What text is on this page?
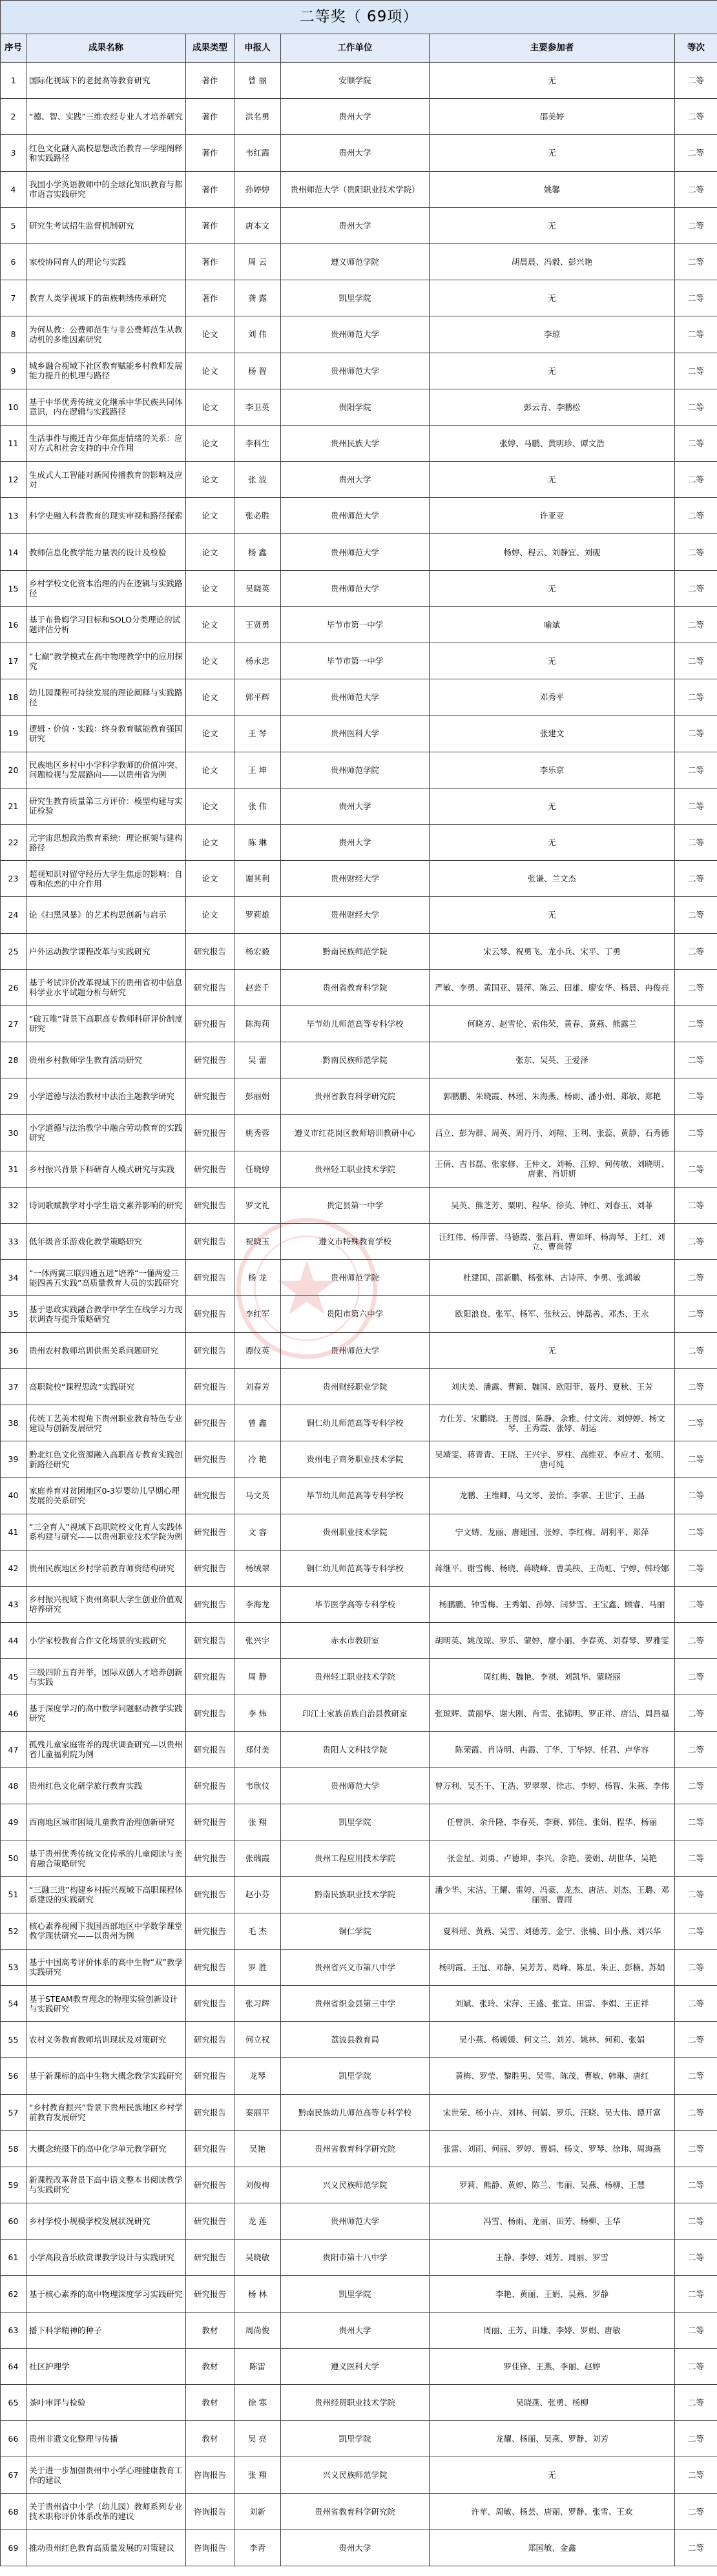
二等奖（ 69项）						
序号	成果名称	成果类型	申报人	工作单位	主要参加者	等次
1	国际化视域下的老挝高等教育研究	著作	曾 丽	安顺学院	无	二等
2	“德、智、实践”三维农经专业人才培养研究	著作	洪名勇	贵州大学	邵美婷	二等
3	红色文化融入高校思想政治教育—学理阐释和实践路径	著作	韦红霞	贵州大学	无	二等
4	我国小学英语教师中的全球化知识教育与都市语言实践研究	著作	孙婷婷	贵州师范大学（贵阳职业技术学院）	姚馨	二等
5	研究生考试招生监督机制研究	著作	唐本文	贵州大学	无	二等
6	家校协同育人的理论与实践	著作	周 云	遵义师范学院	胡晨晨、冯毅、彭兴艳	二等
7	教育人类学视域下的苗族刺绣传承研究	著作	龚 露	凯里学院	无	二等
8	为何从教：公费师范生与非公费师范生从教动机的多维因素研究	论文	刘 伟	贵州师范大学	李琼	二等
9	城乡融合视域下社区教育赋能乡村教师发展能力提升的机理与路径	论文	杨 智	贵州师范大学	无	二等
10	基于中华优秀传统文化继承中华民族共同体意识，内在逻辑与实践路径	论文	李卫英	贵阳学院	彭云青、李鹏松	二等
11	生活事件与搬迁青少年焦虑情绪的关系：应对方式和社会支持的中介作用	论文	李科生	贵州民族大学	张婷、马鹏、黄明珍、谭文浩	二等
12	生成式人工智能对新闻传播教育的影响及应对	论文	张 波	贵州大学	无	二等
13	科学史融入科普教育的现实审视和路径探索	论文	张必胜	贵州师范大学	许亚亚	二等
14	教师信息化教学能力量表的设计及检验	论文	杨 鑫	贵州师范大学	杨婷、程云、刘静宜、刘砚	二等
15	乡村学校文化资本治理的内在逻辑与实践路径	论文	吴晓英	贵州师范大学	无	二等
16	基于布鲁姆学习目标和SOLO分类理论的试题评估分析	论文	王贤勇	毕节市第一中学	喻斌	二等
17	“七巅”教学模式在高中物理教学中的应用探究	论文	杨永忠	毕节市第一中学	无	二等
18	幼儿园课程可持续发展的理论阐释与实践路径	论文	郭平辉	贵州师范大学	邓秀平	二等
19	逻辑・价值・实践：终身教育赋能教育强国研究	论文	王 琴	贵州医科大学	张建文	二等
20	民族地区乡村中小学科学教师的价值冲突、问题检视与发展路向——以贵州省为例	论文	王 坤	贵州师范学院	李乐京	二等
21	研究生教育质量第三方评价：模型构建与实证检验	论文	张 伟	贵州大学	无	二等
22	元宇宙思想政治教育系统：理论框架与建构路径	论文	陈 琳	贵州大学	无	二等
23	超视知识对留守经历大学生焦虑的影响：自尊和依恋的中介作用	论文	谢其利	贵州财经大学	张谦、兰文杰	二等
24	论《扫黑风暴》的艺术构思创新与启示	论文	罗莉雄	贵州财经大学	无	二等
25	户外运动教学课程改革与实践研究	研究报告	杨宏毅	黔南民族师范学院	宋云琴、祝勇飞、龙小兵、宋平、丁勇	二等
26	基于考试评价改革视域下的贵州省初中信息科学业水平试题分析与研究	研究报告	赵芸千	贵州省教育科学院	严敏、李勇、黄国亚、聂萍、陈云、田雄、廖安华、杨晨、冉俊亮	二等
27	“破五唯”背景下高职高专教师科研评价制度研究	研究报告	陈海莉	毕节幼儿师范高等专科学校	何晓芳、赵雪伦、索伟荣、黄春、黄燕、熊露兰	二等
28	贵州乡村教师学生教育活动研究	研究报告	吴 蕾	黔南民族师范学院	张东、吴英、王爱泽	二等
29	小学道德与法治教材中法治主题教学研究	研究报告	彭丽娟	贵州省教育科学研究院	郭鹏鹏、朱晓霞、林瑶、朱海燕、杨雨、潘小娟、郑敏、郑艳	二等
30	小学道德与法治教学中融合劳动教育的实践研究	研究报告	姚秀蓉	遵义市红花岗区教师培训教研中心	吕立、彭为群、周英、周丹丹、刘翔、王利、张蕊、黄静、石秀德	二等
31	乡村振兴背景下科研育人模式研究与实践	研究报告	任晓婷	贵州轻工职业技术学院	王倩、吉书磊、张家修、王仲文、刘畅、江婷、何传敏、刘晓明、唐素、肖妍妍	二等
32	诗词歌赋教学对小学生语文素养影响的研究	研究报告	罗文礼	贵定县第一中学	吴英、熊芝芳、粟明、程华、徐英、钟红、刘春玉、刘菲	二等
33	低年级音乐游戏化教学策略研究	研究报告	祝晓玉	遵义市特殊教育学校	汪红伟、杨萍蕾、马德霞、张昌莉、曹如坪、杨海琴、王红、刘立、曹尚蓉	二等
34	“一体两翼三联四通五进”培养“一懂两爱三能四善五实践”高质量教育人员的实践研究	研究报告	杨 龙	贵州师范学院	杜建国、邵新鹏、杨张林、古诗萍、李勇、张鸿敏	二等
35	基于思政实践融合教学中学生在线学习力现状调查与提升策略研究	研究报告	李红军	贵阳市第六中学	欧阳浪良、张军、杨军、张秋云、钟磊善、邓杰、王永	二等
36	贵州农村教师培训供需关系问题研究	研究报告	谭仪英	贵州师范大学	无	二等
37	高职院校“课程思政”实践研究	研究报告	刘春芳	贵州财经职业学院	刘庆美、潘露、曹颖、魏国、欧阳菲、聂丹、夏秋、王芳	二等
38	传统工艺美术视角下贵州职业教育特色专业建设与创新发展研究	研究报告	曾 鑫	铜仁幼儿师范高等专科学校	方仕芳、宋鹏晓、王善园、陈静、余雅、付文涛、刘婷婷、杨文琴、王秀霞、张婷、胡运	二等
39	黔北红色文化资源融入高职高专教育实践创新路径研究	研究报告	冷 艳	贵州电子商务职业技术学院	吴靖雯、蒋青青、王晓、王兴宇、罗柱、高维亚、李应才、张明、唐可纯	二等
40	家庭养育对贫困地区0-3岁婴幼儿早期心理发展的关系研究	研究报告	马文英	毕节幼儿师范高等专科学校	龙鹏、王维卿、马文琴、姜怡、李霏、王世宇、王晶	二等
41	“三全育人”视域下高职院校文化育人实践体系构建与研究——以贵州职业技术学院为例	研究报告	文 容	贵州职业技术学院	宁文婧、龙丽、唐建国、张婷、李红梅、胡利平、郑萍	二等
42	贵州民族地区乡村学前教育师资结构研究	研究报告	杨绒翠	铜仁幼儿师范高等专科学校	蒋继平、谢雪梅、杨晓、蒋晓峰、曹美秧、王尚虹、宁婷、韩玲娜	二等
43	乡村振兴视域下贵州高职大学生创业价值观培养研究	研究报告	李海龙	毕节医学高等专科学校	杨鹏鹏、钟雪梅、王秀娟、孙婷、闫梦雪、王宝鑫、顾睿、马丽	二等
44	小学家校教育合作文化场景的实践研究	研究报告	张兴宇	赤水市教研室	胡明英、姚茂琼、罗乐、蒙婷、廖小丽、李春英、刘春琴、罗雅雯	二等
45	三级四阶五育并举，国际双创人才培养创新与实践	研究报告	周 静	贵州轻工职业技术学院	周红梅、魏艳、李祺、刘凯华、蒙晓丽	二等
46	基于深度学习的高中数学问题驱动教学实践研究	研究报告	李 炜	印江土家族苗族自治县教研室	张琼辉、黄丽华、谢大刚、肖雪、张锦明、罗正祥、唐洁、周昌福	二等
47	孤残儿童家庭寄养的现状调查研究—以贵州省儿童福利院为例	研究报告	郑付美	贵阳人文科技学院	陈荣霞、肖诗明、冉霞、丁华、丁华婷、任君、卢华容	二等
48	贵州红色文化研学旅行教育实践	研究报告	韦欣仪	贵州师范大学	曾万利、吴丕干、王浩、罗翠翠、徐志、李婷、杨智、朱燕、李伟	二等
49	西南地区城市困境儿童教育治理创新研究	研究报告	张 翔	凯里学院	任曾洪、余升隆、李春英、李赛、郭佳、张娟、程华、杨丽	二等
50	基于贵州优秀传统文化传承的儿童阅读与美育融合策略研究	研究报告	张瑞霞	贵州工程应用技术学院	张金星、刘勇、卢德坤、李兴、余艳、姜娟、胡世华、吴艳	二等
51	“三融三进”构建乡村振兴视域下高职课程体系建设的实践研究	研究报告	赵小芬	黔南民族职业技术学院	潘少华、宋洁、王耀、雷婷、冯豪、龙杰、唐洁、刘杰、王璐、邓丽丽、曹雨	二等
52	核心素养视阈下我国西部地区中学数学课堂教学现状研究——以贵州为例	研究报告	毛 杰	铜仁学院	夏科瑶、黄燕、吴雪、刘德芳、金宁、张楠、田小燕、刘兴华	二等
53	基于中国高考评价体系的高中生物“双”教学实践研究	研究报告	罗 胜	贵州省兴义市第八中学	杨明霞、王冠、邓静、吴芳芳、葛峰、陈星、朱正、彭楠、苏娟	二等
54	基于STEAM教育理念的物理实验创新设计与实践研究	研究报告	张习辉	贵州省织金县第三中学	刘斌、张玲、宋萍、王盛、张宣、田雷、李娟、王正祥	二等
55	农村义务教育教师培训现状及对策研究	研究报告	何立权	荔波县教育局	吴小燕、杨媛媛、何文兰、刘芳、姚林、何莉、张娟	二等
56	基于新课标的高中生物大概念教学实践研究	研究报告	龙琴	凯里学院	黄梅、罗莹、黎胜男、吴雪、陈茂、曹敏、韩琳、唐红	二等
57	“乡村教育振兴”背景下贵州民族地区乡村学前教育发展研究	研究报告	秦丽平	黔南民族幼儿师范高等专科学校	宋世荣、杨小卉、刘林、何娟、罗乐、汪晓、吴大伟、谭开富	二等
58	大概念统摄下的高中化学单元教学研究	研究报告	吴艳	贵州省教育科学研究院	张雷、刘雨、何丽、罗婷、曹娟、杨文、罗琴、徐玮、周海燕	二等
59	新课程改革背景下高中语文整本书阅读教学与实践研究	研究报告	刘俊梅	兴义民族师范学院	罗莉、熊静、黄婷、陈兰、韦丽、吴燕、杨柳、王慧	二等
60	乡村学校小规模学校发展状况研究	研究报告	龙 莲	贵州师范大学	冯雪、杨雨、龙丽、田芳、杨柳、王华	二等
61	小学高段音乐欣赏课教学设计与实践研究	研究报告	吴晓敏	贵阳市第十八中学	王静、李婷、刘芳、周丽、罗雪	二等
62	基于核心素养的高中物理深度学习实践研究	研究报告	杨 林	凯里学院	李艳、黄丽、王娟、吴燕、罗静	二等
63	播下科学精神的种子	教材	周尚俊	贵州大学	周丽、王芳、田雄、李婷、罗娟、唐敏	二等
64	社区护理学	教材	陈雷	遵义医科大学	罗佳锋、王燕、李丽、赵婷	二等
65	茶叶审评与检验	教材	徐 寒	贵州经贸职业技术学院	吴晓燕、张勇、杨柳	二等
66	贵州非遗文化整理与传播	教材	吴 亮	凯里学院	龙耀、杨丽、吴燕、罗静、刘芳	二等
67	关于进一步加强贵州中小学心理健康教育工作的建议	咨询报告	张 翔	兴义民族师范学院	无	二等
68	关于贵州省中小学（幼儿园）教师系列专业技术职称评价体系改革的建议	咨询报告	刘新	贵州省教育科学研究院	许苹、周敏、杨芸、唐丽、罗静、张雪、王欢	二等
69	推动贵州红色教育高质量发展的对策建议	咨询报告	李青	贵州大学	郑国敏、金鑫	二等
